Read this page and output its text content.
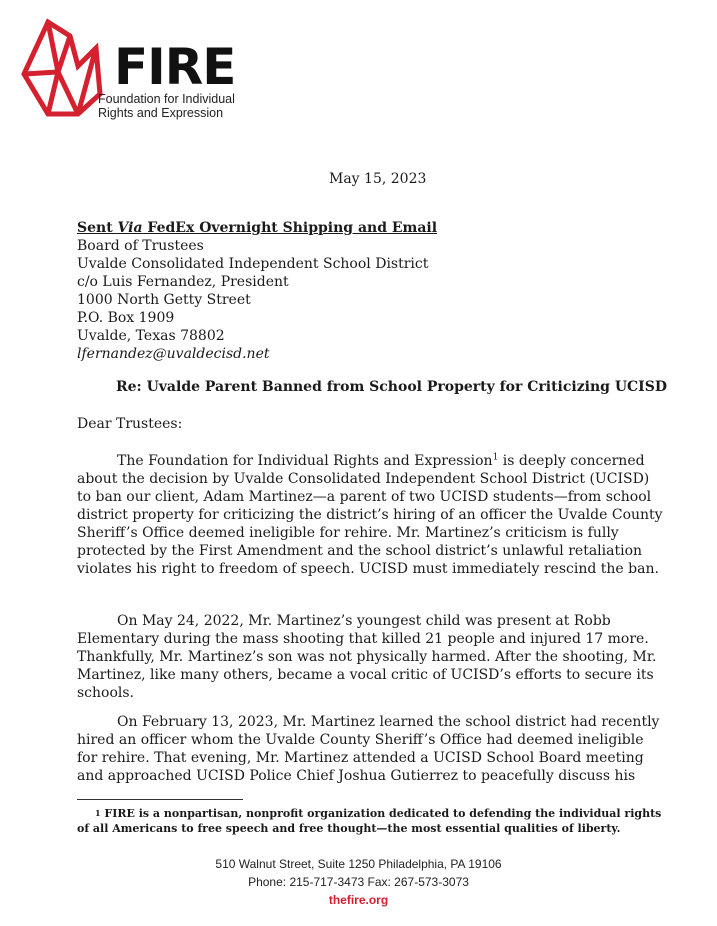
FIRE
Foundation for Individual
Rights and Expression
May 15, 2023
Sent Via FedEx Overnight Shipping and Email
Board of Trustees
Uvalde Consolidated Independent School District
c/o Luis Fernandez, President
1000 North Getty Street
P.O. Box 1909
Uvalde, Texas 78802
lfernandez@uvaldecisd.net
Re: Uvalde Parent Banned from School Property for Criticizing UCISD
Dear Trustees:

The Foundation for Individual Rights and Expression$^1$ is deeply concerned about the decision by Uvalde Consolidated Independent School District (UCISD) to ban our client, Adam Martinez—a parent of two UCISD students—from school district property for criticizing the district’s hiring of an officer the Uvalde County Sheriff’s Office deemed ineligible for rehire. Mr. Martinez’s criticism is fully protected by the First Amendment and the school district’s unlawful retaliation violates his right to freedom of speech. UCISD must immediately rescind the ban.

On May 24, 2022, Mr. Martinez’s youngest child was present at Robb Elementary during the mass shooting that killed 21 people and injured 17 more. Thankfully, Mr. Martinez’s son was not physically harmed. After the shooting, Mr. Martinez, like many others, became a vocal critic of UCISD’s efforts to secure its schools.

On February 13, 2023, Mr. Martinez learned the school district had recently hired an officer whom the Uvalde County Sheriff’s Office had deemed ineligible for rehire. That evening, Mr. Martinez attended a UCISD School Board meeting and approached UCISD Police Chief Joshua Gutierrez to peacefully discuss his

1 FIRE is a nonpartisan, nonprofit organization dedicated to defending the individual rights of all Americans to free speech and free thought—the most essential qualities of liberty.
510 Walnut Street, Suite 1250 Philadelphia, PA 19106
Phone: 215-717-3473 Fax: 267-573-3073
thefire.org
